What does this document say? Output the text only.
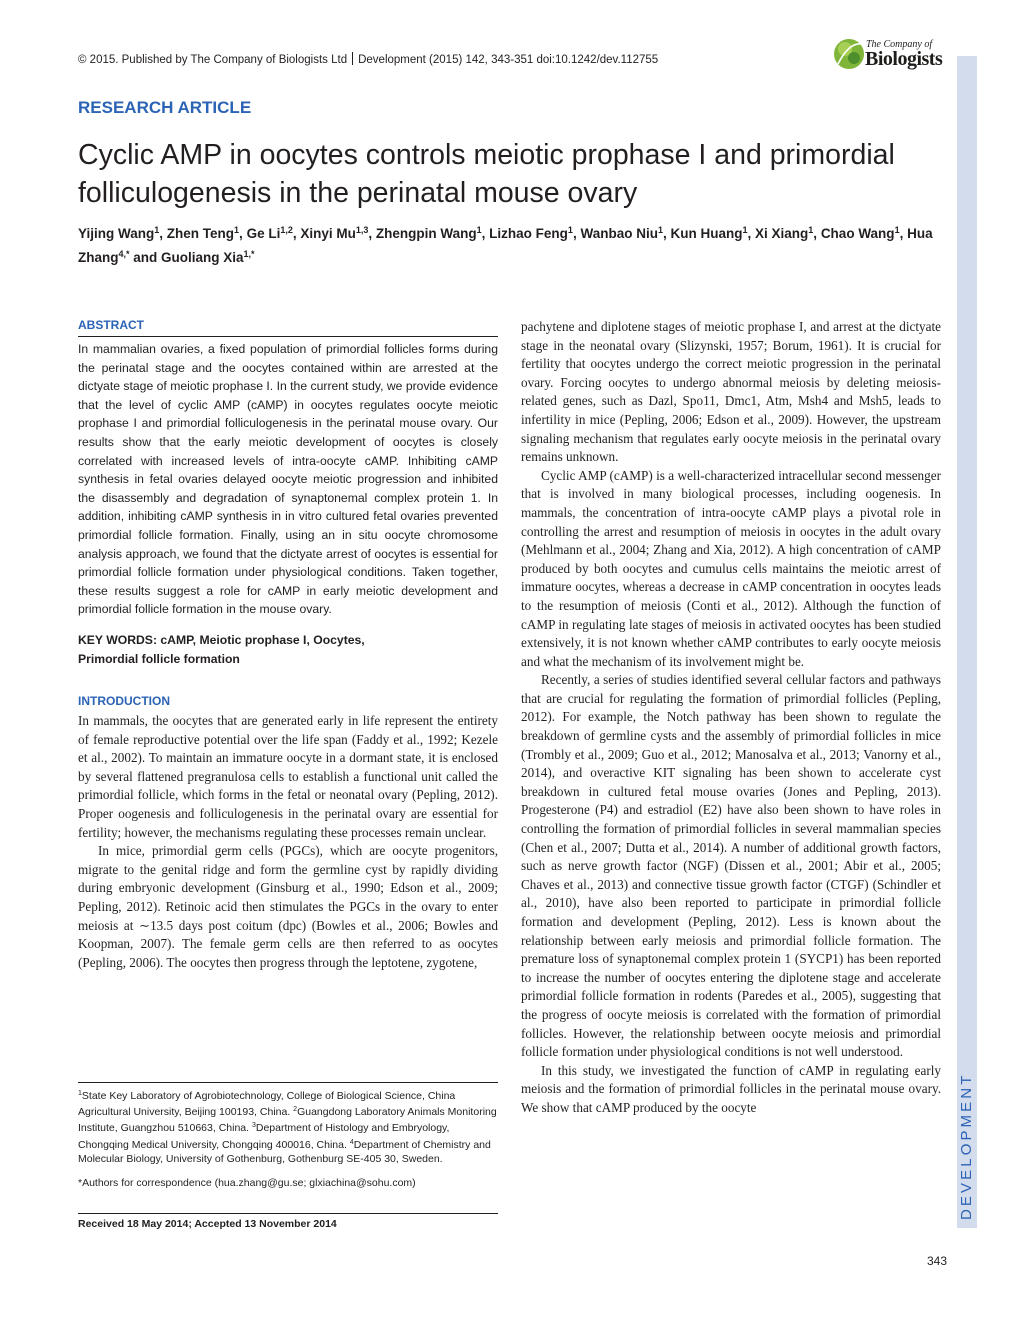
© 2015. Published by The Company of Biologists Ltd Development (2015) 142, 343-351 doi:10.1242/dev.112755
The Company of
Biologists
DEVELOPMENT
RESEARCH ARTICLE
Cyclic AMP in oocytes controls meiotic prophase I and primordial folliculogenesis in the perinatal mouse ovary
Yijing Wang$^1$, Zhen Teng$^1$, Ge Li$^{1,2}$, Xinyi Mu$^{1,3}$, Zhengpin Wang$^1$, Lizhao Feng$^1$, Wanbao Niu$^1$, Kun Huang$^1$, Xi Xiang$^1$, Chao Wang$^1$, Hua Zhang$^{4,*}$ and Guoliang Xia$^{1,*}$
ABSTRACT

In mammalian ovaries, a fixed population of primordial follicles forms during the perinatal stage and the oocytes contained within are arrested at the dictyate stage of meiotic prophase I. In the current study, we provide evidence that the level of cyclic AMP (cAMP) in oocytes regulates oocyte meiotic prophase I and primordial folliculogenesis in the perinatal mouse ovary. Our results show that the early meiotic development of oocytes is closely correlated with increased levels of intra-oocyte cAMP. Inhibiting cAMP synthesis in fetal ovaries delayed oocyte meiotic progression and inhibited the disassembly and degradation of synaptonemal complex protein 1. In addition, inhibiting cAMP synthesis in in vitro cultured fetal ovaries prevented primordial follicle formation. Finally, using an in situ oocyte chromosome analysis approach, we found that the dictyate arrest of oocytes is essential for primordial follicle formation under physiological conditions. Taken together, these results suggest a role for cAMP in early meiotic development and primordial follicle formation in the mouse ovary.

KEY WORDS: cAMP, Meiotic prophase I, Oocytes,
Primordial follicle formation

INTRODUCTION

In mammals, the oocytes that are generated early in life represent the entirety of female reproductive potential over the life span (Faddy et al., 1992; Kezele et al., 2002). To maintain an immature oocyte in a dormant state, it is enclosed by several flattened pregranulosa cells to establish a functional unit called the primordial follicle, which forms in the fetal or neonatal ovary (Pepling, 2012). Proper oogenesis and folliculogenesis in the perinatal ovary are essential for fertility; however, the mechanisms regulating these processes remain unclear.

In mice, primordial germ cells (PGCs), which are oocyte progenitors, migrate to the genital ridge and form the germline cyst by rapidly dividing during embryonic development (Ginsburg et al., 1990; Edson et al., 2009; Pepling, 2012). Retinoic acid then stimulates the PGCs in the ovary to enter meiosis at ∼13.5 days post coitum (dpc) (Bowles et al., 2006; Bowles and Koopman, 2007). The female germ cells are then referred to as oocytes (Pepling, 2006). The oocytes then progress through the leptotene, zygotene,

$^1$State Key Laboratory of Agrobiotechnology, College of Biological Science, China Agricultural University, Beijing 100193, China. $^2$Guangdong Laboratory Animals Monitoring Institute, Guangzhou 510663, China. $^3$Department of Histology and Embryology, Chongqing Medical University, Chongqing 400016, China. $^4$Department of Chemistry and Molecular Biology, University of Gothenburg, Gothenburg SE-405 30, Sweden.

*Authors for correspondence (hua.zhang@gu.se; glxiachina@sohu.com)

Received 18 May 2014; Accepted 13 November 2014

pachytene and diplotene stages of meiotic prophase I, and arrest at the dictyate stage in the neonatal ovary (Slizynski, 1957; Borum, 1961). It is crucial for fertility that oocytes undergo the correct meiotic progression in the perinatal ovary. Forcing oocytes to undergo abnormal meiosis by deleting meiosis-related genes, such as Dazl, Spo11, Dmc1, Atm, Msh4 and Msh5, leads to infertility in mice (Pepling, 2006; Edson et al., 2009). However, the upstream signaling mechanism that regulates early oocyte meiosis in the perinatal ovary remains unknown.

Cyclic AMP (cAMP) is a well-characterized intracellular second messenger that is involved in many biological processes, including oogenesis. In mammals, the concentration of intra-oocyte cAMP plays a pivotal role in controlling the arrest and resumption of meiosis in oocytes in the adult ovary (Mehlmann et al., 2004; Zhang and Xia, 2012). A high concentration of cAMP produced by both oocytes and cumulus cells maintains the meiotic arrest of immature oocytes, whereas a decrease in cAMP concentration in oocytes leads to the resumption of meiosis (Conti et al., 2012). Although the function of cAMP in regulating late stages of meiosis in activated oocytes has been studied extensively, it is not known whether cAMP contributes to early oocyte meiosis and what the mechanism of its involvement might be.

Recently, a series of studies identified several cellular factors and pathways that are crucial for regulating the formation of primordial follicles (Pepling, 2012). For example, the Notch pathway has been shown to regulate the breakdown of germline cysts and the assembly of primordial follicles in mice (Trombly et al., 2009; Guo et al., 2012; Manosalva et al., 2013; Vanorny et al., 2014), and overactive KIT signaling has been shown to accelerate cyst breakdown in cultured fetal mouse ovaries (Jones and Pepling, 2013). Progesterone (P4) and estradiol (E2) have also been shown to have roles in controlling the formation of primordial follicles in several mammalian species (Chen et al., 2007; Dutta et al., 2014). A number of additional growth factors, such as nerve growth factor (NGF) (Dissen et al., 2001; Abir et al., 2005; Chaves et al., 2013) and connective tissue growth factor (CTGF) (Schindler et al., 2010), have also been reported to participate in primordial follicle formation and development (Pepling, 2012). Less is known about the relationship between early meiosis and primordial follicle formation. The premature loss of synaptonemal complex protein 1 (SYCP1) has been reported to increase the number of oocytes entering the diplotene stage and accelerate primordial follicle formation in rodents (Paredes et al., 2005), suggesting that the progress of oocyte meiosis is correlated with the formation of primordial follicles. However, the relationship between oocyte meiosis and primordial follicle formation under physiological conditions is not well understood.

In this study, we investigated the function of cAMP in regulating early meiosis and the formation of primordial follicles in the perinatal mouse ovary. We show that cAMP produced by the oocyte

343
